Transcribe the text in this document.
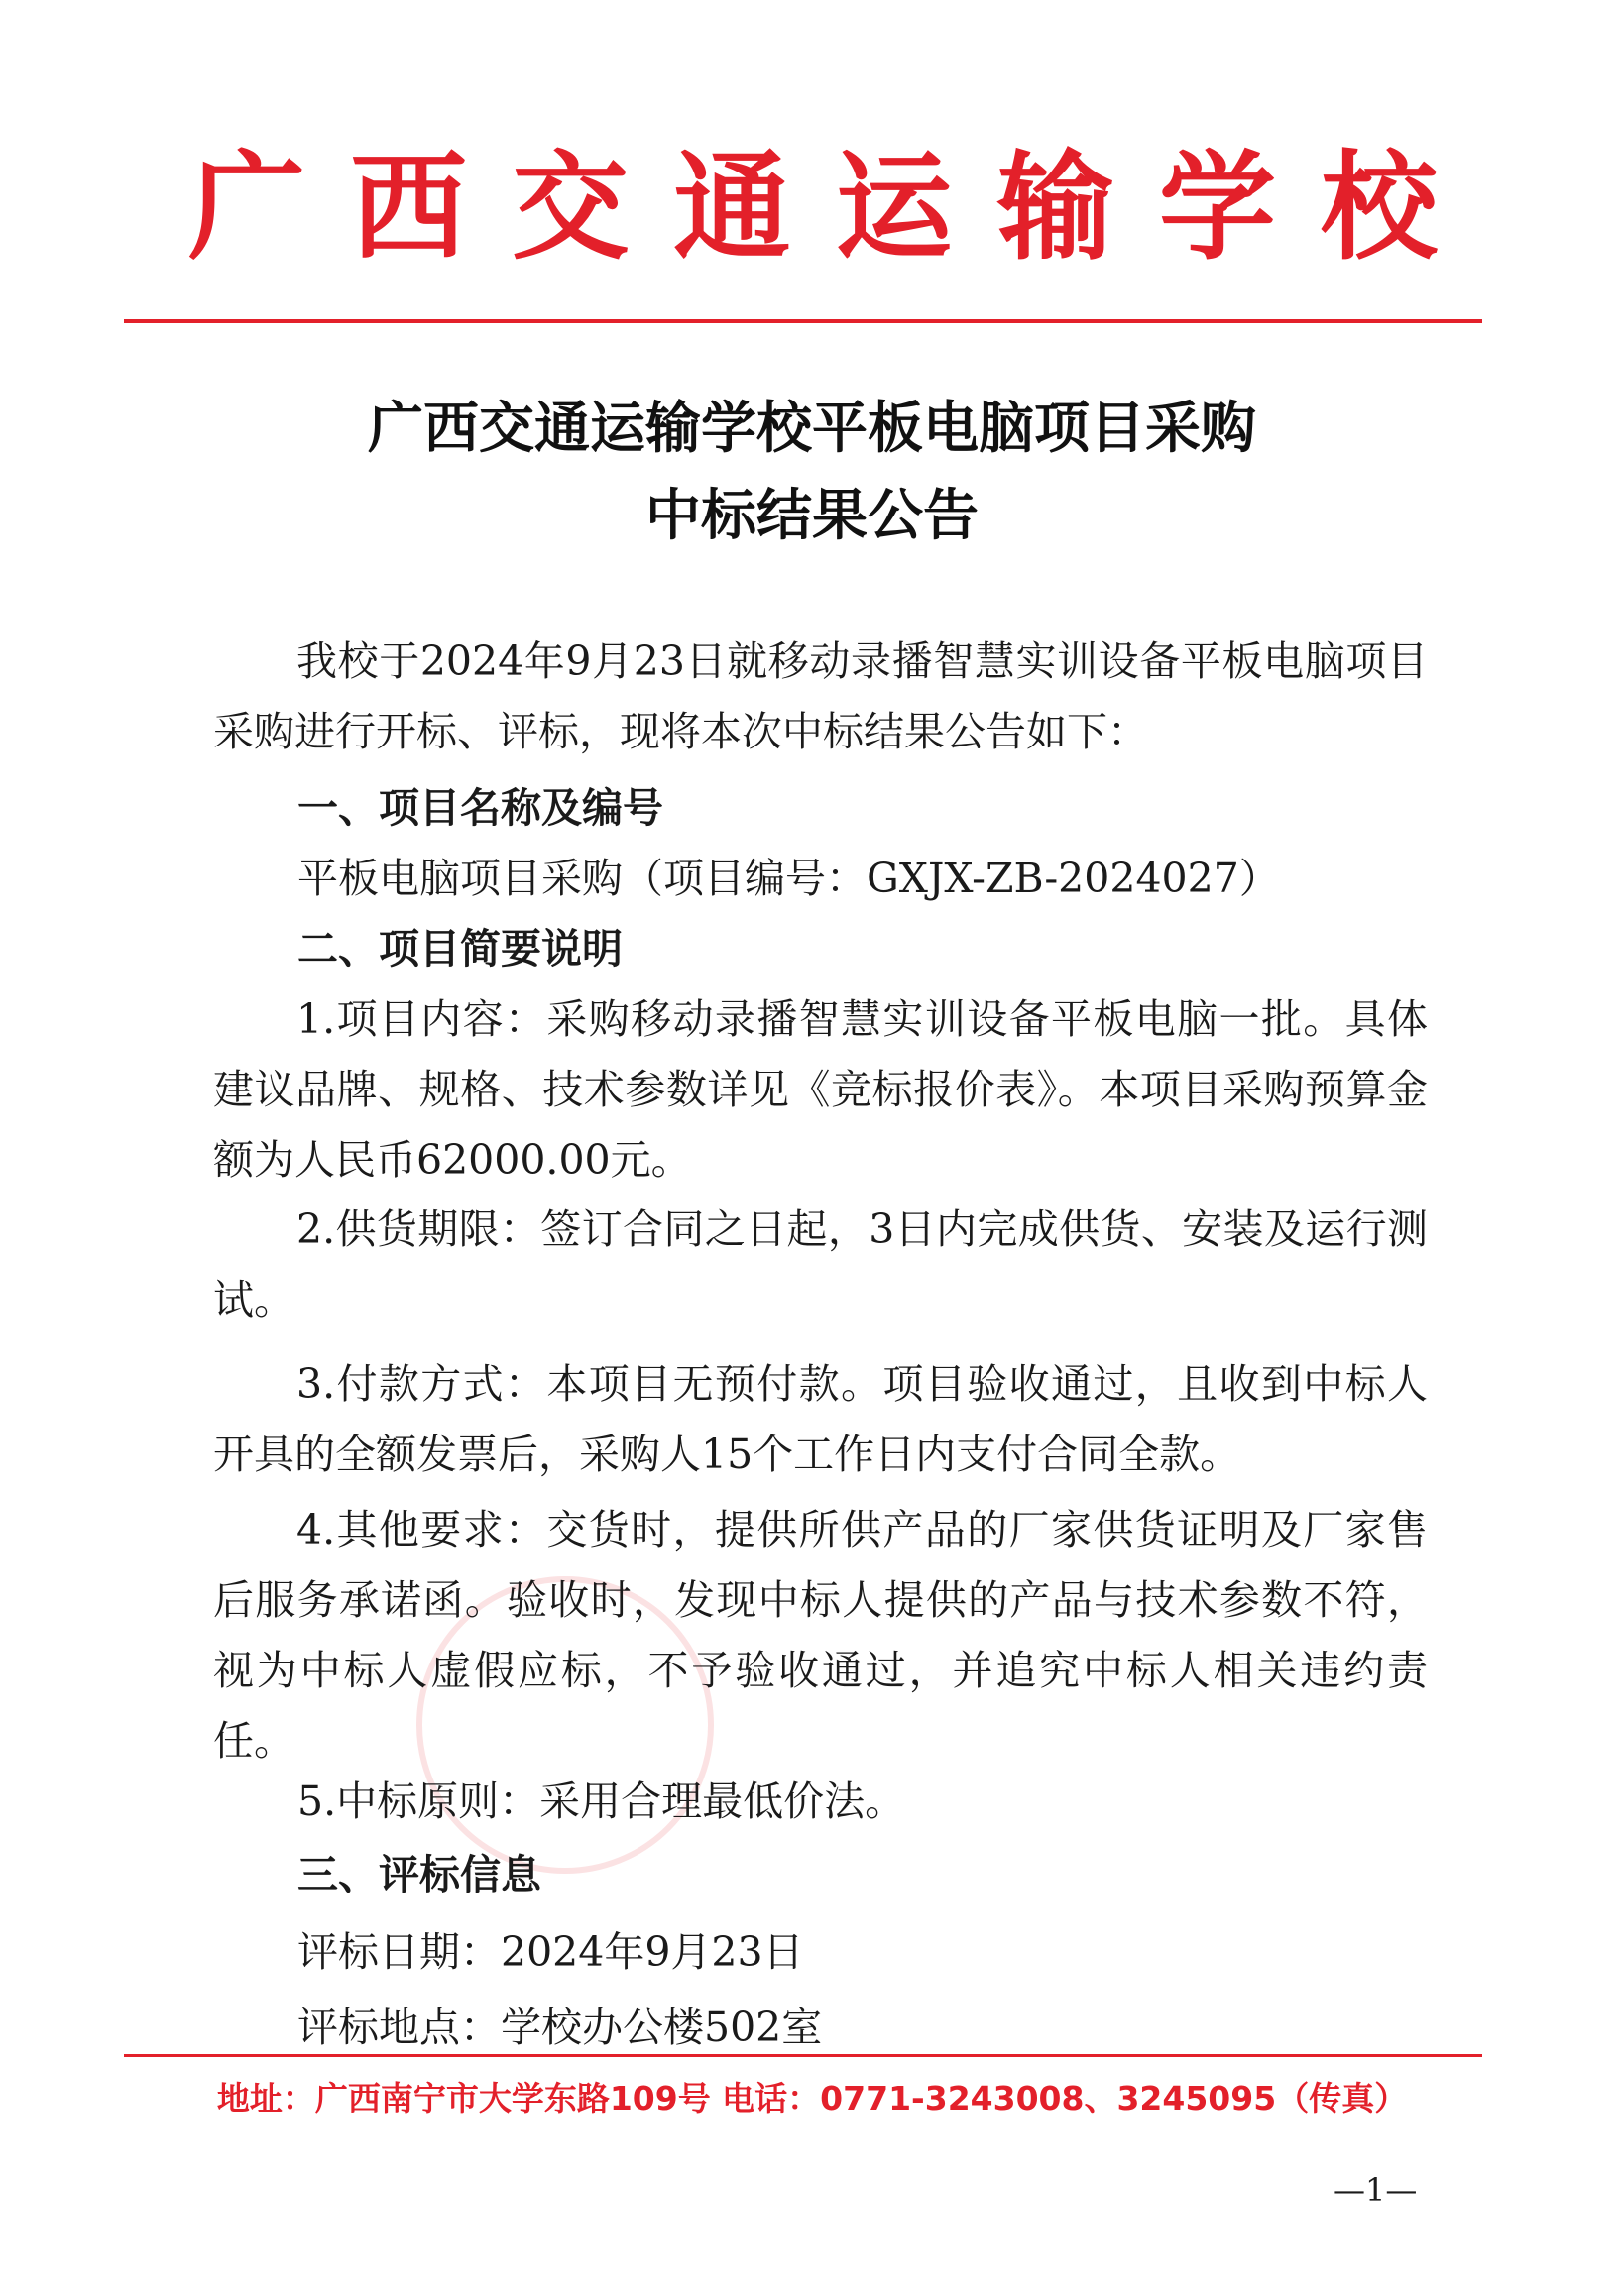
广 西 交 通 运 输 学 校
广西交通运输学校平板电脑项目采购
中标结果公告
我校于2024年9月23日就移动录播智慧实训设备平板电脑项目采购进行开标、评标，现将本次中标结果公告如下：
一、项目名称及编号
平板电脑项目采购（项目编号：GXJX-ZB-2024027）
二、项目简要说明
1.项目内容：采购移动录播智慧实训设备平板电脑一批。具体建议品牌、规格、技术参数详见《竞标报价表》。本项目采购预算金额为人民币62000.00元。
2.供货期限：签订合同之日起，3日内完成供货、安装及运行测试。
3.付款方式：本项目无预付款。项目验收通过，且收到中标人开具的全额发票后，采购人15个工作日内支付合同全款。
4.其他要求：交货时，提供所供产品的厂家供货证明及厂家售后服务承诺函。验收时，发现中标人提供的产品与技术参数不符，视为中标人虚假应标，不予验收通过，并追究中标人相关违约责任。
5.中标原则：采用合理最低价法。
三、评标信息
评标日期：2024年9月23日
评标地点：学校办公楼502室
地址：广西南宁市大学东路109号 电话：0771-3243008、3245095（传真）
—1—
